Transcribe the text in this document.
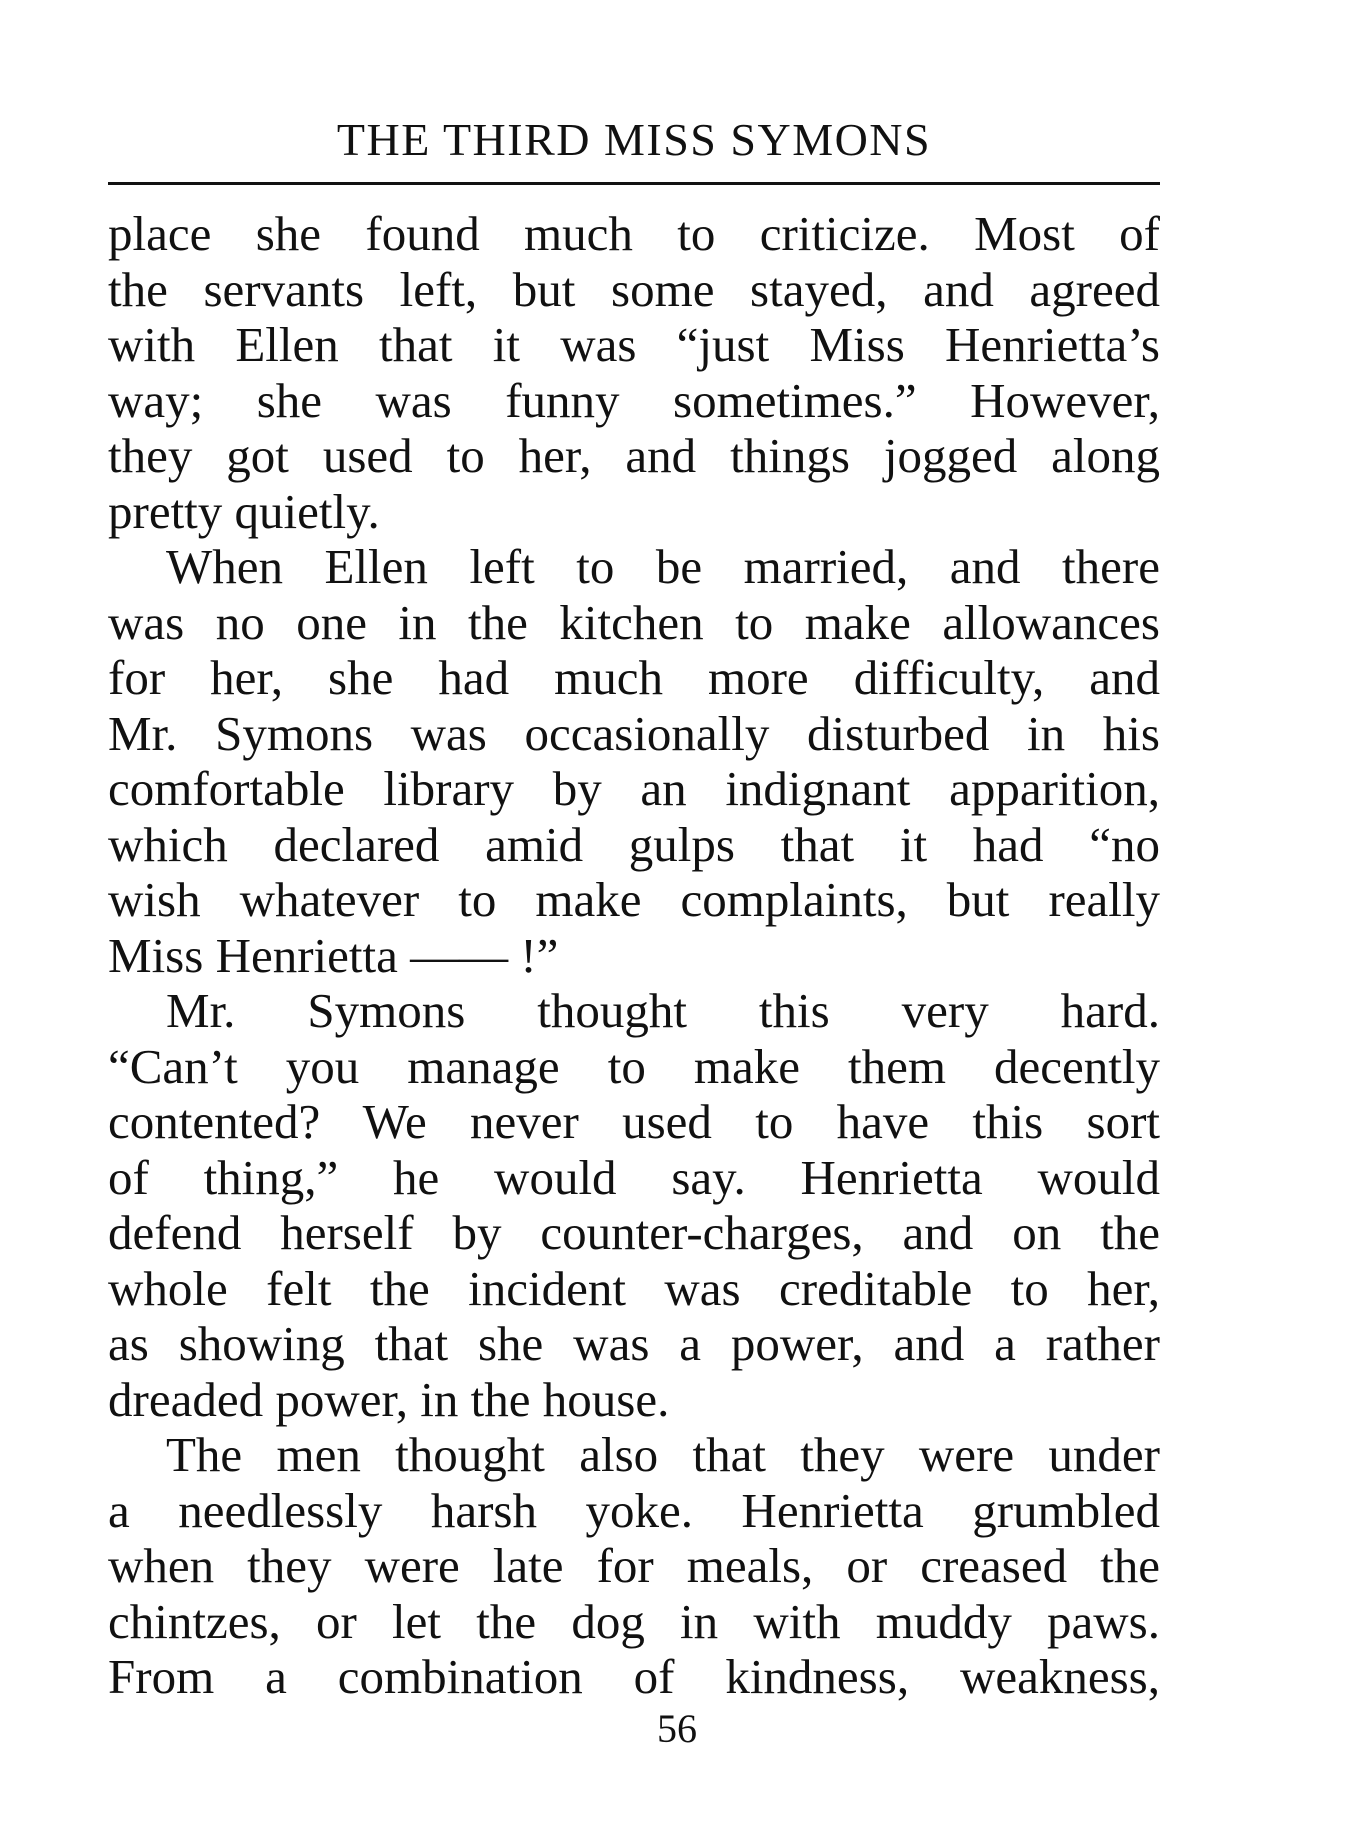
THE THIRD MISS SYMONS
place she found much to criticize. Most of
the servants left, but some stayed, and agreed
with Ellen that it was “just Miss Henrietta’s
way; she was funny sometimes.” However,
they got used to her, and things jogged along
pretty quietly.
When Ellen left to be married, and there
was no one in the kitchen to make allowances
for her, she had much more difficulty, and
Mr. Symons was occasionally disturbed in his
comfortable library by an indignant apparition,
which declared amid gulps that it had “no
wish whatever to make complaints, but really
Miss Henrietta —— !”
Mr. Symons thought this very hard.
“Can’t you manage to make them decently
contented? We never used to have this sort
of thing,” he would say. Henrietta would
defend herself by counter-charges, and on the
whole felt the incident was creditable to her,
as showing that she was a power, and a rather
dreaded power, in the house.
The men thought also that they were under
a needlessly harsh yoke. Henrietta grumbled
when they were late for meals, or creased the
chintzes, or let the dog in with muddy paws.
From a combination of kindness, weakness,
56
